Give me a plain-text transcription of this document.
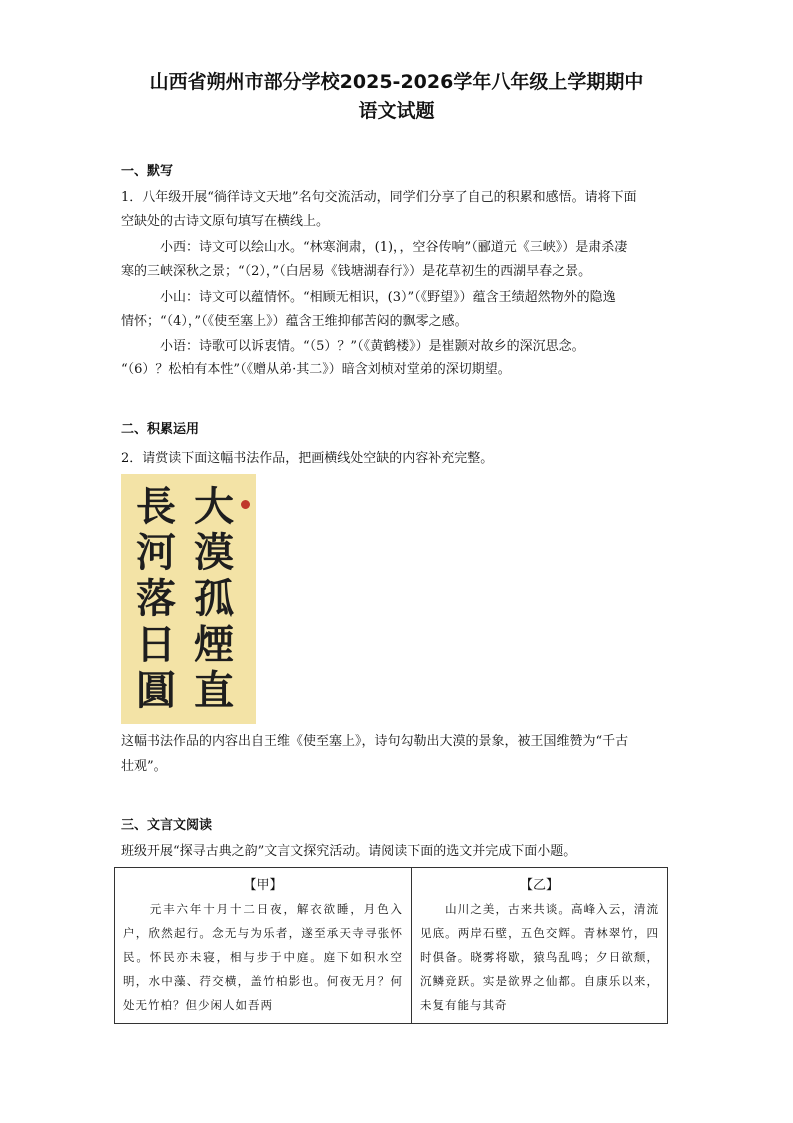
山西省朔州市部分学校2025-2026学年八年级上学期期中
语文试题
一、默写
1．八年级开展“徜徉诗文天地”名句交流活动，同学们分享了自己的积累和感悟。请将下面
空缺处的古诗文原句填写在横线上。
小西：诗文可以绘山水。“林寒涧肃，(1)，，空谷传响”（郦道元《三峡》）是肃杀凄
寒的三峡深秋之景；“（2），”（白居易《钱塘湖春行》）是花草初生的西湖早春之景。
小山：诗文可以蕴情怀。“相顾无相识，(3）”（《野望》）蕴含王绩超然物外的隐逸
情怀；“（4），”（《使至塞上》）蕴含王维抑郁苦闷的飘零之感。
小语：诗歌可以诉衷情。“（5）？”（《黄鹤楼》）是崔颢对故乡的深沉思念。
“（6）？松柏有本性”（《赠从弟·其二》）暗含刘桢对堂弟的深切期望。
二、积累运用
2．请赏读下面这幅书法作品，把画横线处空缺的内容补充完整。
長
河
落
日
圓
大
漠
孤
煙
直
这幅书法作品的内容出自王维《使至塞上》，诗句勾勒出大漠的景象，被王国维赞为“千古
壮观”。
三、文言文阅读
班级开展“探寻古典之韵”文言文探究活动。请阅读下面的选文并完成下面小题。
【甲】
　　元丰六年十月十二日夜，解衣欲睡，月色入户，欣然起行。念无与为乐者，遂至承天寺寻张怀民。怀民亦未寝，相与步于中庭。庭下如积水空明，水中藻、荇交横，盖竹柏影也。何夜无月？何处无竹柏？但少闲人如吾两

【乙】
　　山川之美，古来共谈。高峰入云，清流见底。两岸石壁，五色交辉。青林翠竹，四时俱备。晓雾将歇，猿鸟乱鸣；夕日欲颓，沉鳞竞跃。实是欲界之仙都。自康乐以来，未复有能与其奇
